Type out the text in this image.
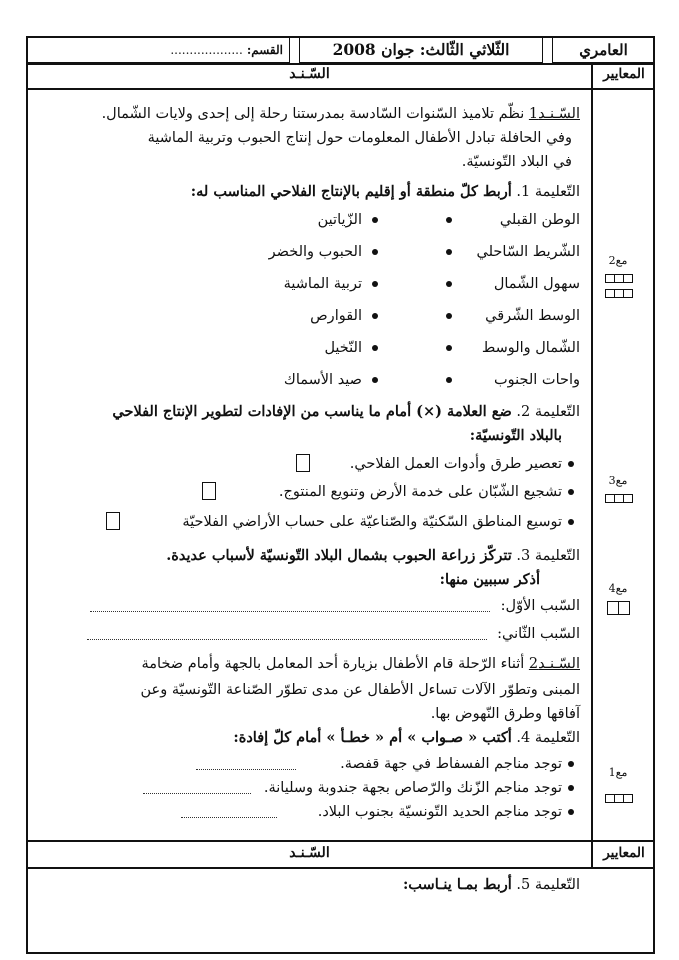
العامري
الثّلاثي الثّالث: جوان 2008
القسم:
...................
المعايير
السّـنـد
السّـنـد1 نظّم تلاميذ السّنوات السّادسة بمدرستنا رحلة إلى إحدى ولايات الشّمال.
وفي الحافلة تبادل الأطفال المعلومات حول إنتاج الحبوب وتربية الماشية
في البلاد التّونسيّة.
التّعليمة 1. أربط كلّ منطقة أو إقليم بالإنتاج الفلاحي المناسب له:
الوطن القبلي
الشّريط السّاحلي
سهول الشّمال
الوسط الشّرقي
الشّمال والوسط
واحات الجنوب
الزّياتين
الحبوب والخضر
تربية الماشية
القوارص
النّخيل
صيد الأسماك
التّعليمة 2. ضع العلامة (×) أمام ما يناسب من الإفادات لتطوير الإنتاج الفلاحي
بالبلاد التّونسيّة:
تعصير طرق وأدوات العمل الفلاحي.
تشجيع الشّبّان على خدمة الأرض وتنويع المنتوج.
توسيع المناطق السّكنيّة والصّناعيّة على حساب الأراضي الفلاحيّة
التّعليمة 3. تتركّز زراعة الحبوب بشمال البلاد التّونسيّة لأسباب عديدة.
أذكر سببين منها:
السّبب الأوّل:
السّبب الثّاني:
السّـنـد2 أثناء الرّحلة قام الأطفال بزيارة أحد المعامل بالجهة وأمام ضخامة
المبنى وتطوّر الآلات تساءل الأطفال عن مدى تطوّر الصّناعة التّونسيّة وعن
آفاقها وطرق النّهوض بها.
التّعليمة 4. أكتب « صـواب » أم « خطـأ » أمام كلّ إفادة:
توجد مناجم الفسفاط في جهة قفصة.
توجد مناجم الزّنك والرّصاص بجهة جندوبة وسليانة.
توجد مناجم الحديد التّونسيّة بجنوب البلاد.
مع2
مع3
مع4
مع1
المعايير
السّـنـد
التّعليمة 5. أربط بمـا ينـاسب:
